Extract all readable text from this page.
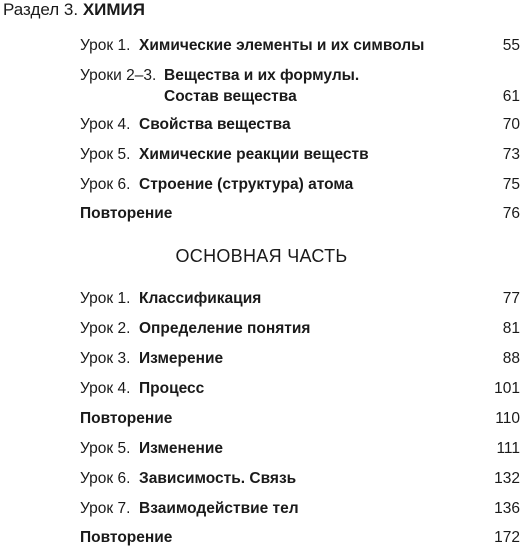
Раздел 3. ХИМИЯ
Урок 1. Химические элементы и их символы	55
Уроки 2–3. Вещества и их формулы.
Состав вещества	61
Урок 4. Свойства вещества	70
Урок 5. Химические реакции веществ	73
Урок 6. Строение (структура) атома	75
Повторение	76
ОСНОВНАЯ ЧАСТЬ
Урок 1. Классификация	77
Урок 2. Определение понятия	81
Урок 3. Измерение	88
Урок 4. Процесс	101
Повторение	110
Урок 5. Изменение	111
Урок 6. Зависимость. Связь	132
Урок 7. Взаимодействие тел	136
Повторение	172
